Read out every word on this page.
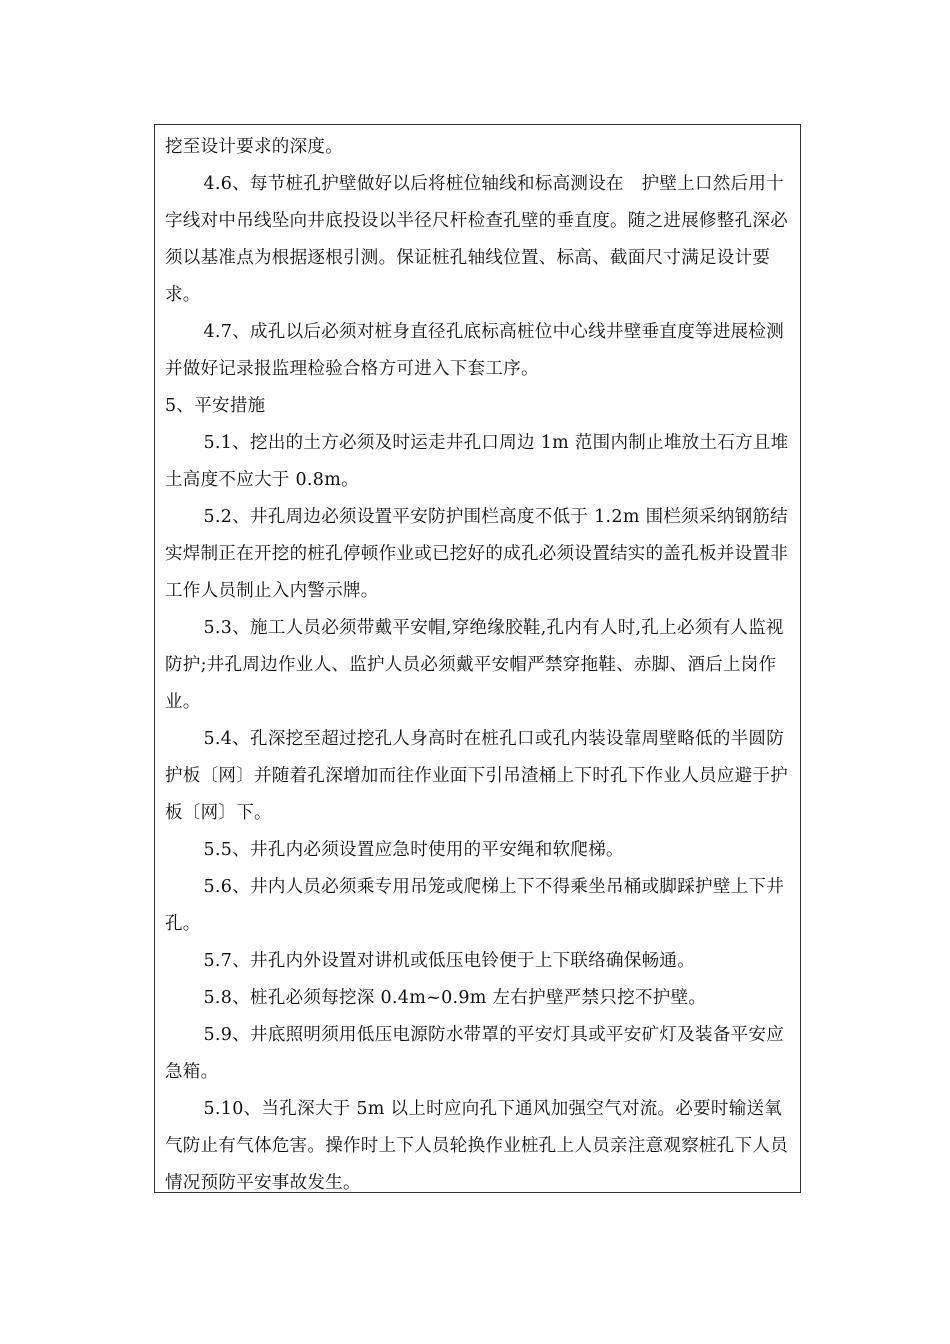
挖至设计要求的深度。

4.6、每节桩孔护壁做好以后将桩位轴线和标高测设在　护壁上口然后用十字线对中吊线坠向井底投设以半径尺杆检查孔壁的垂直度。随之进展修整孔深必须以基准点为根据逐根引测。保证桩孔轴线位置、标高、截面尺寸满足设计要求。

4.7、成孔以后必须对桩身直径孔底标高桩位中心线井壁垂直度等进展检测并做好记录报监理检验合格方可进入下套工序。

5、平安措施

5.1、挖出的土方必须及时运走井孔口周边 1m 范围内制止堆放土石方且堆土高度不应大于 0.8m。

5.2、井孔周边必须设置平安防护围栏高度不低于 1.2m 围栏须采纳钢筋结实焊制正在开挖的桩孔停顿作业或已挖好的成孔必须设置结实的盖孔板并设置非工作人员制止入内警示牌。

5.3、施工人员必须带戴平安帽,穿绝缘胶鞋,孔内有人时,孔上必须有人监视防护;井孔周边作业人、监护人员必须戴平安帽严禁穿拖鞋、赤脚、酒后上岗作业。

5.4、孔深挖至超过挖孔人身高时在桩孔口或孔内装设靠周壁略低的半圆防护板〔网〕并随着孔深增加而往作业面下引吊渣桶上下时孔下作业人员应避于护板〔网〕下。

5.5、井孔内必须设置应急时使用的平安绳和软爬梯。

5.6、井内人员必须乘专用吊笼或爬梯上下不得乘坐吊桶或脚踩护壁上下井孔。

5.7、井孔内外设置对讲机或低压电铃便于上下联络确保畅通。

5.8、桩孔必须每挖深 0.4m~0.9m 左右护壁严禁只挖不护壁。

5.9、井底照明须用低压电源防水带罩的平安灯具或平安矿灯及装备平安应急箱。

5.10、当孔深大于 5m 以上时应向孔下通风加强空气对流。必要时输送氧气防止有气体危害。操作时上下人员轮换作业桩孔上人员亲注意观察桩孔下人员情况预防平安事故发生。
